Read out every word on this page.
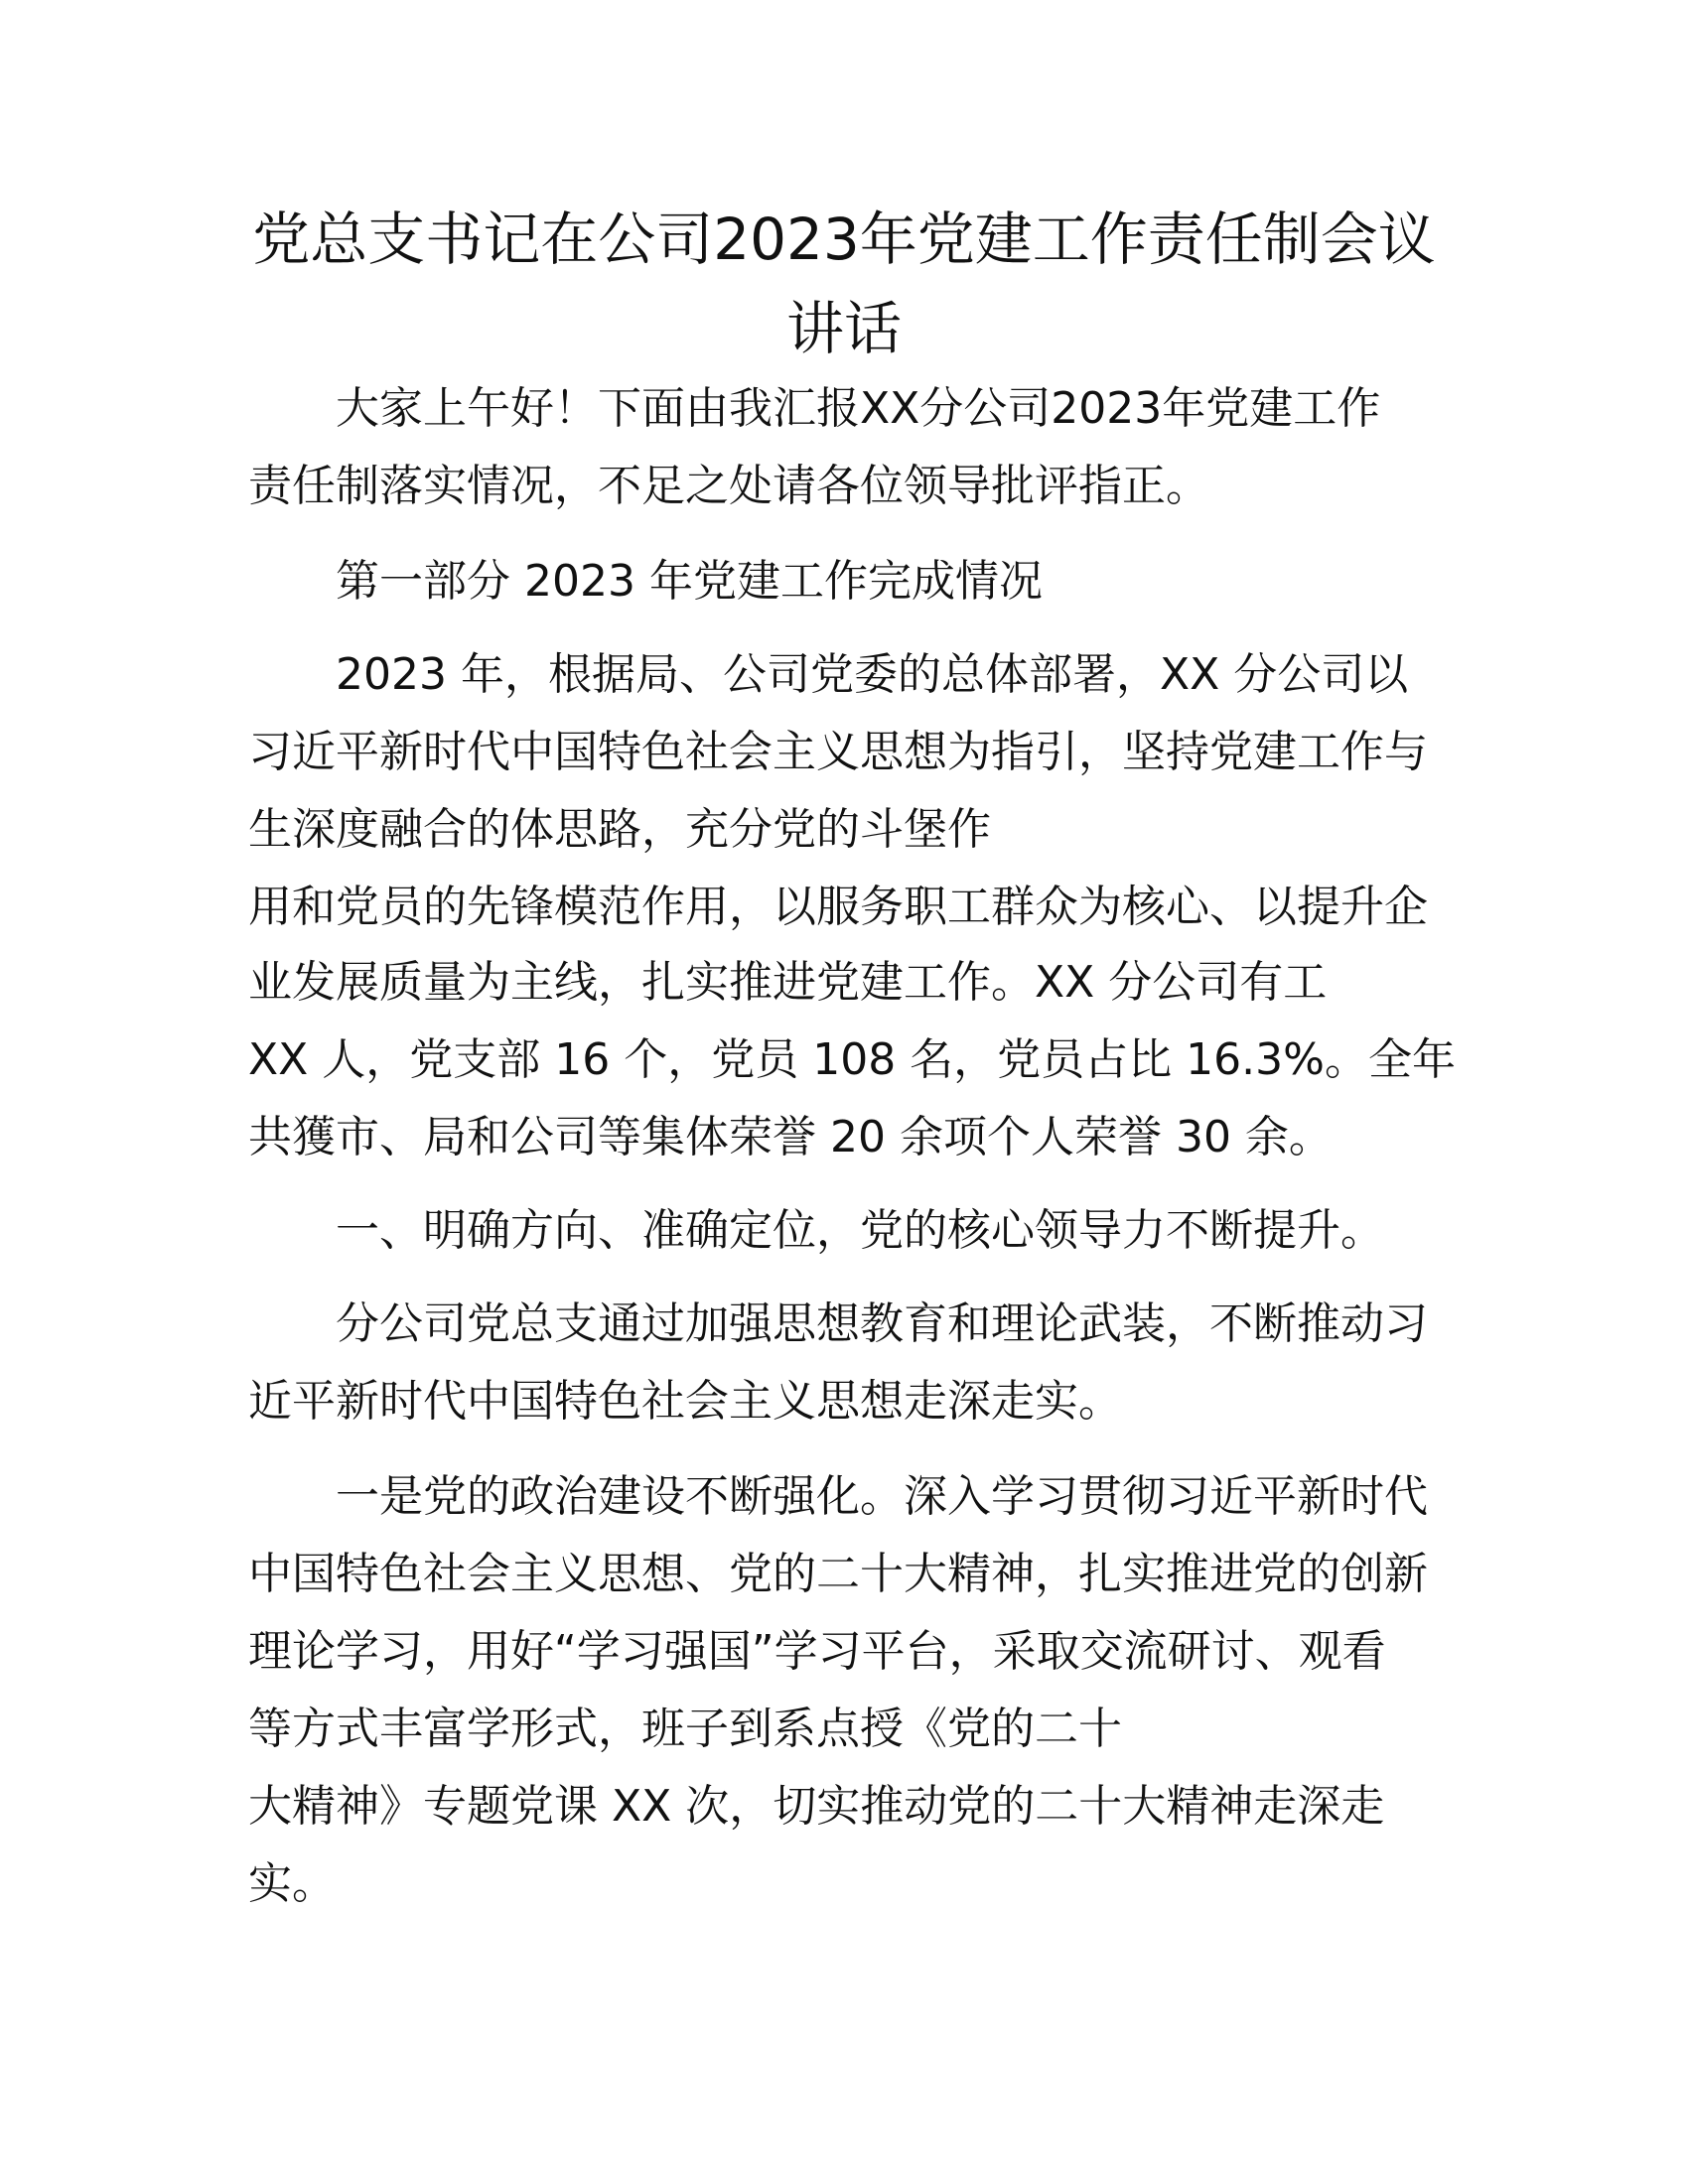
党总支书记在公司2023年党建工作责任制会议
讲话
大家上午好！下面由我汇报XX分公司2023年党建工作
责任制落实情况，不足之处请各位领导批评指正。
第一部分 2023 年党建工作完成情况
2023 年，根据局、公司党委的总体部署，XX 分公司以
习近平新时代中国特色社会主义思想为指引，坚持党建工作与
生深度融合的体思路，充分党的斗堡作
用和党员的先锋模范作用，以服务职工群众为核心、以提升企
业发展质量为主线，扎实推进党建工作。XX 分公司有工
XX 人，党支部 16 个，党员 108 名，党员占比 16.3%。全年
共獲市、局和公司等集体荣誉 20 余项个人荣誉 30 余。
一、明确方向、准确定位，党的核心领导力不断提升。
分公司党总支通过加强思想教育和理论武装，不断推动习
近平新时代中国特色社会主义思想走深走实。
一是党的政治建设不断强化。深入学习贯彻习近平新时代
中国特色社会主义思想、党的二十大精神，扎实推进党的创新
理论学习，用好“学习强国”学习平台，采取交流研讨、观看
等方式丰富学形式，班子到系点授《党的二十
大精神》专题党课 XX 次，切实推动党的二十大精神走深走
实。
